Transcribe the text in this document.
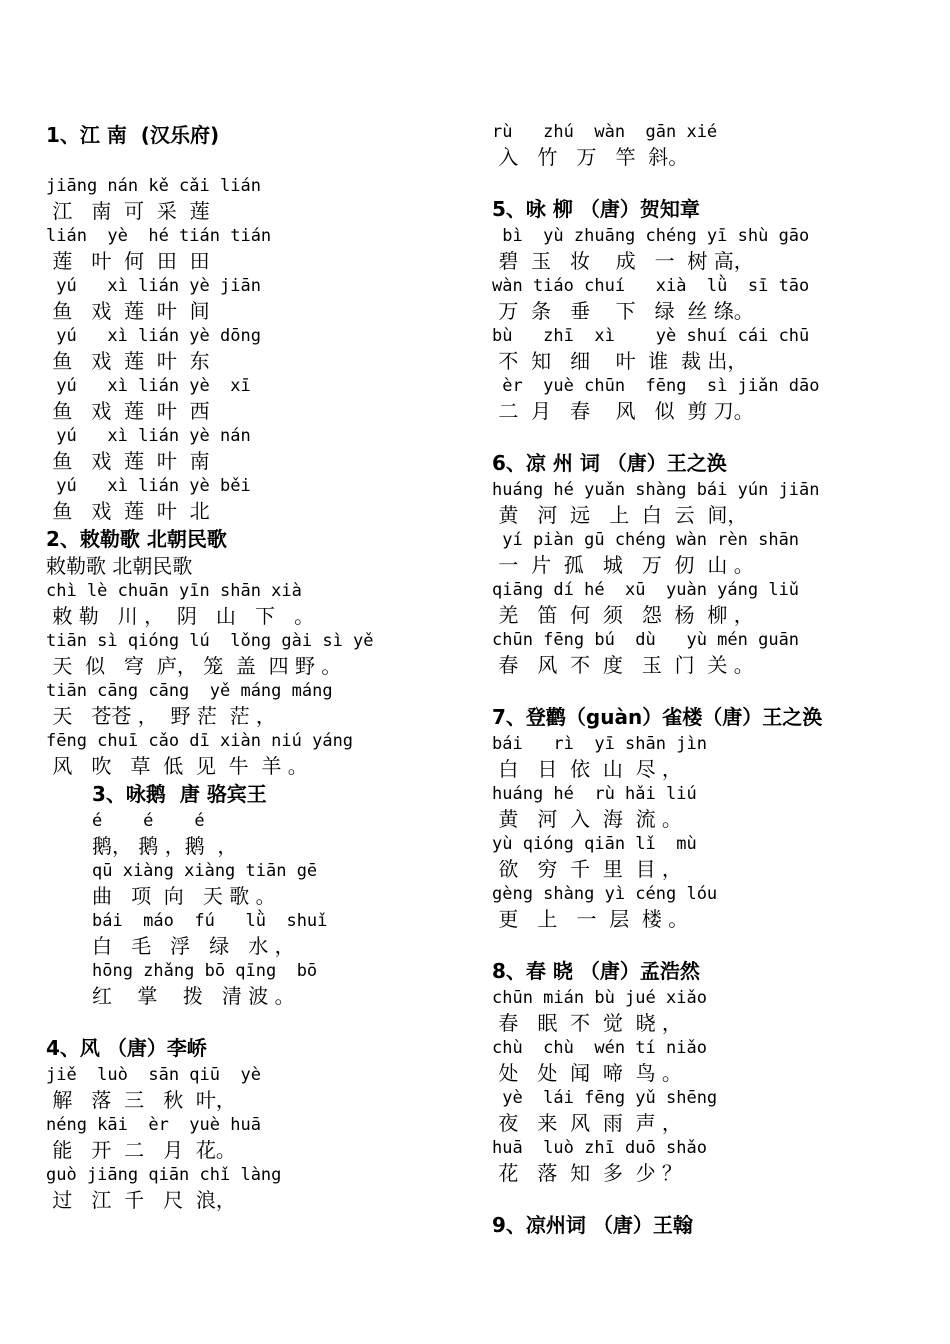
1、江 南  (汉乐府)
jiāng nán kě cǎi lián
江   南  可  采  莲
lián  yè  hé tián tián
莲   叶  何  田  田
yú   xì lián yè jiān
鱼   戏  莲  叶  间
yú   xì lián yè dōng
鱼   戏  莲  叶  东
yú   xì lián yè  xī
鱼   戏  莲  叶  西
yú   xì lián yè nán
鱼   戏  莲  叶  南
yú   xì lián yè běi
鱼   戏  莲  叶  北
2、敕勒歌 北朝民歌
敕勒歌 北朝民歌
chì lè chuān yīn shān xià
敕 勒   川 ，  阴   山   下   。
tiān sì qióng lú  lǒng gài sì yě
天  似   穹  庐， 笼  盖  四 野 。
tiān cāng cāng  yě máng máng
天   苍苍 ，  野 茫  茫 ，
fēng chuī cǎo dī xiàn niú yáng
风   吹   草  低  见  牛  羊 。
3、咏鹅  唐 骆宾王
é    é    é
鹅， 鹅 ，鹅  ，
qū xiàng xiàng tiān gē
曲   项  向   天 歌 。
bái  máo  fú   lǜ  shuǐ
白   毛   浮   绿   水 ，
hōng zhǎng bō qīng  bō
红    掌    拨   清 波 。
4、风 （唐）李峤
jiě  luò  sān qiū  yè
解   落  三   秋  叶，
néng kāi  èr  yuè huā
能   开  二   月  花。
guò jiāng qiān chǐ làng
过   江  千   尺  浪，
rù   zhú  wàn  gān xié
入   竹   万   竿  斜。
5、咏 柳 （唐）贺知章
bì  yù zhuāng chéng yī shù gāo
碧  玉   妆    成   一  树 高，
wàn tiáo chuí   xià  lǜ  sī tāo
万  条   垂    下   绿  丝 绦。
bù   zhī  xì    yè shuí cái chū
不  知   细    叶  谁  裁 出，
èr  yuè chūn  fēng  sì jiǎn dāo
二  月   春    风   似  剪 刀。
6、凉 州 词 （唐）王之涣
huáng hé yuǎn shàng bái yún jiān
黄   河  远   上  白  云  间，
yí piàn gū chéng wàn rèn shān
一  片  孤   城   万  仞  山 。
qiāng dí hé  xū  yuàn yáng liǔ
羌   笛  何  须   怨  杨  柳 ，
chūn fēng bú  dù   yù mén guān
春   风  不  度   玉  门  关 。
7、登鹳（guàn）雀楼（唐）王之涣
bái   rì  yī shān jìn
白   日  依  山  尽 ，
huáng hé  rù hǎi liú
黄   河  入  海  流 。
yù qióng qiān lǐ  mù
欲   穷  千  里  目 ，
gèng shàng yì céng lóu
更   上   一  层  楼 。
8、春 晓 （唐）孟浩然
chūn mián bù jué xiǎo
春   眠  不  觉  晓 ，
chù  chù  wén tí niǎo
处   处  闻  啼  鸟 。
yè  lái fēng yǔ shēng
夜   来  风  雨  声 ，
huā  luò zhī duō shǎo
花   落  知  多  少 ？
9、凉州词 （唐）王翰
